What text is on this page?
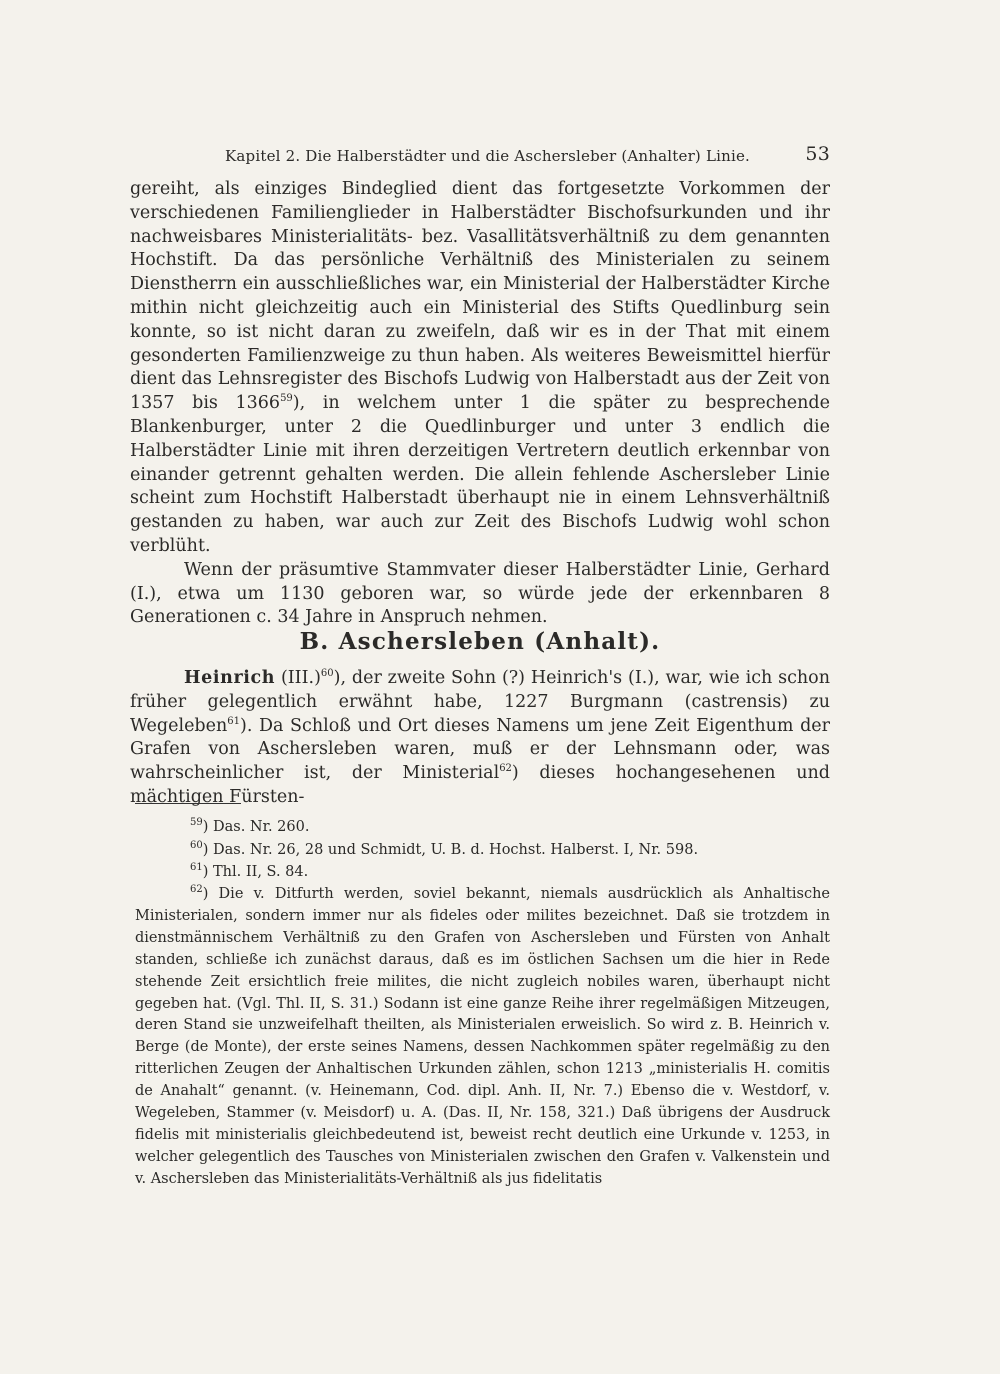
Kapitel 2. Die Halberstädter und die Aschersleber (Anhalter) Linie.	53

gereiht, als einziges Bindeglied dient das fortgesetzte Vorkommen der verschiedenen Familienglieder in Halberstädter Bischofsurkunden und ihr nachweisbares Ministerialitäts- bez. Vasallitätsverhältniß zu dem genannten Hochstift. Da das persönliche Verhältniß des Ministerialen zu seinem Dienstherrn ein ausschließliches war, ein Ministerial der Halberstädter Kirche mithin nicht gleichzeitig auch ein Ministerial des Stifts Quedlinburg sein konnte, so ist nicht daran zu zweifeln, daß wir es in der That mit einem gesonderten Familienzweige zu thun haben. Als weiteres Beweismittel hierfür dient das Lehnsregister des Bischofs Ludwig von Halberstadt aus der Zeit von 1357 bis 1366$^{59}$), in welchem unter 1 die später zu besprechende Blankenburger, unter 2 die Quedlinburger und unter 3 endlich die Halberstädter Linie mit ihren derzeitigen Vertretern deutlich erkennbar von einander getrennt gehalten werden. Die allein fehlende Aschersleber Linie scheint zum Hochstift Halberstadt überhaupt nie in einem Lehnsverhältniß gestanden zu haben, war auch zur Zeit des Bischofs Ludwig wohl schon verblüht.

Wenn der präsumtive Stammvater dieser Halberstädter Linie, Gerhard (I.), etwa um 1130 geboren war, so würde jede der erkennbaren 8 Generationen c. 34 Jahre in Anspruch nehmen.

B. Aschersleben (Anhalt).

Heinrich $(III.)^{60}$), der zweite Sohn (?) Heinrich's (I.), war, wie ich schon früher gelegentlich erwähnt habe, 1227 Burgmann (castrensis) zu Wegeleben$^{61}$). Da Schloß und Ort dieses Namens um jene Zeit Eigenthum der Grafen von Aschersleben waren, muß er der Lehnsmann oder, was wahrscheinlicher ist, der Ministerial$^{62}$) dieses hochangesehenen und mächtigen Fürsten-

$^{59}$) Das. Nr. 260.
$^{60}$) Das. Nr. 26, 28 und Schmidt, U. B. d. Hochst. Halberst. I, Nr. 598.
$^{61}$) Thl. II, S. 84.

$^{62}$) Die v. Ditfurth werden, soviel bekannt, niemals ausdrücklich als Anhaltische Ministerialen, sondern immer nur als fideles oder milites bezeichnet. Daß sie trotzdem in dienstmännischem Verhältniß zu den Grafen von Aschersleben und Fürsten von Anhalt standen, schließe ich zunächst daraus, daß es im östlichen Sachsen um die hier in Rede stehende Zeit ersichtlich freie milites, die nicht zugleich nobiles waren, überhaupt nicht gegeben hat. (Vgl. Thl. II, S. 31.) Sodann ist eine ganze Reihe ihrer regelmäßigen Mitzeugen, deren Stand sie unzweifelhaft theilten, als Ministerialen erweislich. So wird z. B. Heinrich v. Berge (de Monte), der erste seines Namens, dessen Nachkommen später regelmäßig zu den ritterlichen Zeugen der Anhaltischen Urkunden zählen, schon 1213 „ministerialis H. comitis de Anahalt“ genannt. (v. Heinemann, Cod. dipl. Anh. II, Nr. 7.) Ebenso die v. Westdorf, v. Wegeleben, Stammer (v. Meisdorf) u. A. (Das. II, Nr. 158, 321.) Daß übrigens der Ausdruck fidelis mit ministerialis gleichbedeutend ist, beweist recht deutlich eine Urkunde v. 1253, in welcher gelegentlich des Tausches von Ministerialen zwischen den Grafen v. Valkenstein und v. Aschersleben das Ministerialitäts-Verhältniß als jus fidelitatis
